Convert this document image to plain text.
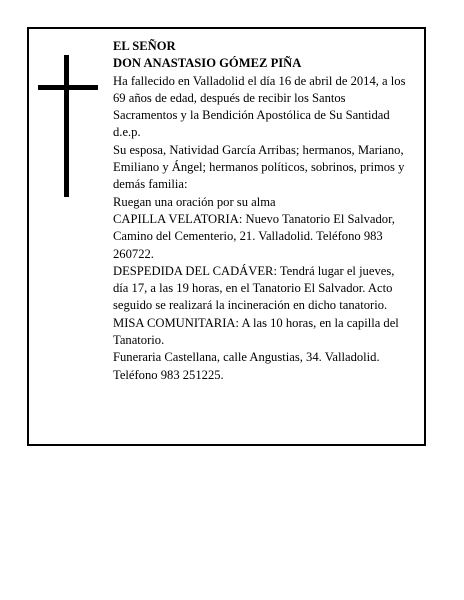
EL SEÑOR

DON ANASTASIO GÓMEZ PIÑA

Ha fallecido en Valladolid el día 16 de abril de 2014, a los 69 años de edad, después de recibir los Santos Sacramentos y la Bendición Apostólica de Su Santidad d.e.p.

Su esposa, Natividad García Arribas; hermanos, Mariano, Emiliano y Ángel; hermanos políticos, sobrinos, primos y demás familia:

Ruegan una oración por su alma

CAPILLA VELATORIA: Nuevo Tanatorio El Salvador, Camino del Cementerio, 21. Valladolid. Teléfono 983 260722.

DESPEDIDA DEL CADÁVER: Tendrá lugar el jueves, día 17, a las 19 horas, en el Tanatorio El Salvador. Acto seguido se realizará la incineración en dicho tanatorio.

MISA COMUNITARIA: A las 10 horas, en la capilla del Tanatorio.

Funeraria Castellana, calle Angustias, 34. Valladolid. Teléfono 983 251225.
